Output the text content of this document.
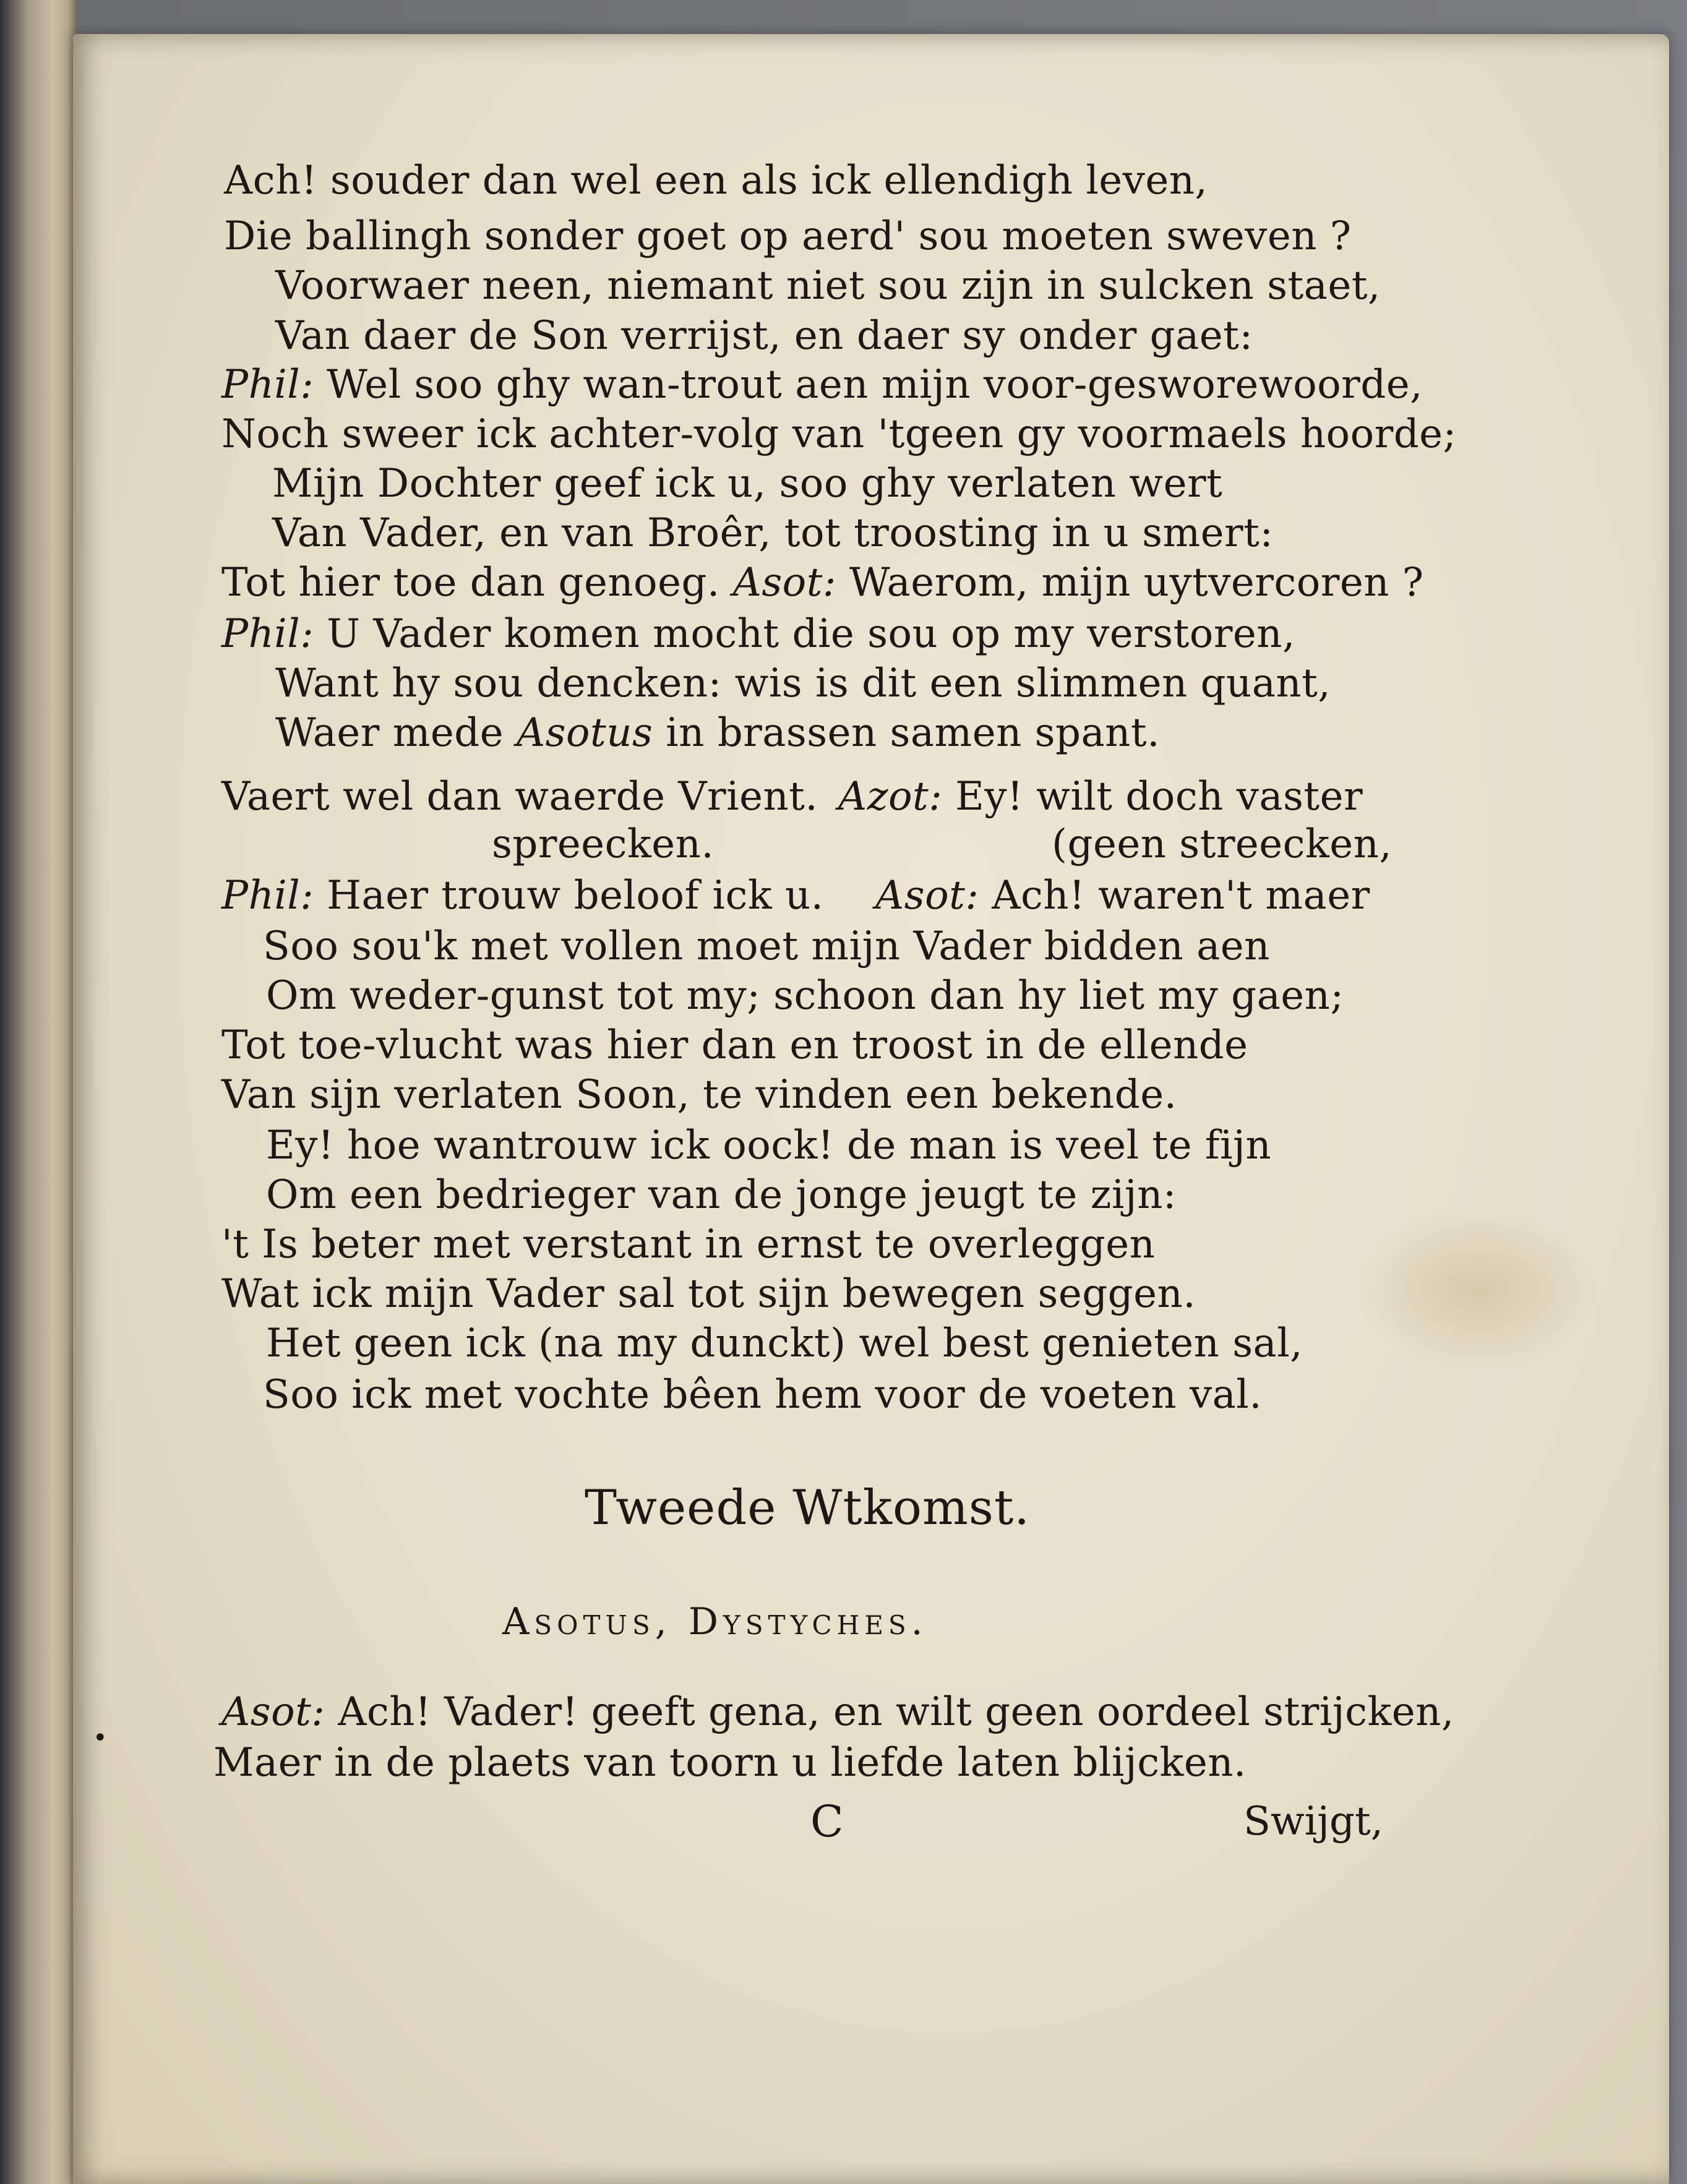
Ach! souder dan wel een als ick ellendigh leven,
Die ballingh sonder goet op aerd' sou moeten sweven ?
Voorwaer neen, niemant niet sou zijn in sulcken staet,
Van daer de Son verrijst, en daer sy onder gaet:
Phil: Wel soo ghy wan-trout aen mijn voor-gesworewoorde,
Noch sweer ick achter-volg van 'tgeen gy voormaels hoorde;
Mijn Dochter geef ick u, soo ghy verlaten wert
Van Vader, en van Broêr, tot troosting in u smert:
Tot hier toe dan genoeg. Asot: Waerom, mijn uytvercoren ?
Phil: U Vader komen mocht die sou op my verstoren,
Want hy sou dencken: wis is dit een slimmen quant,
Waer mede Asotus in brassen samen spant.
Vaert wel dan waerde Vrient. Azot: Ey! wilt doch vaster
spreecken.	(geen streecken,
Phil: Haer trouw beloof ick u. Asot: Ach! waren't maer
Soo sou'k met vollen moet mijn Vader bidden aen
Om weder-gunst tot my; schoon dan hy liet my gaen;
Tot toe-vlucht was hier dan en troost in de ellende
Van sijn verlaten Soon, te vinden een bekende.
Ey! hoe wantrouw ick oock! de man is veel te fijn
Om een bedrieger van de jonge jeugt te zijn:
't Is beter met verstant in ernst te overleggen
Wat ick mijn Vader sal tot sijn bewegen seggen.
Het geen ick (na my dunckt) wel best genieten sal,
Soo ick met vochte bêen hem voor de voeten val.
Tweede Wtkomst.
Asotus, Dystyches.
Asot: Ach! Vader! geeft gena, en wilt geen oordeel strijcken,
Maer in de plaets van toorn u liefde laten blijcken.
C	Swijgt,
•
